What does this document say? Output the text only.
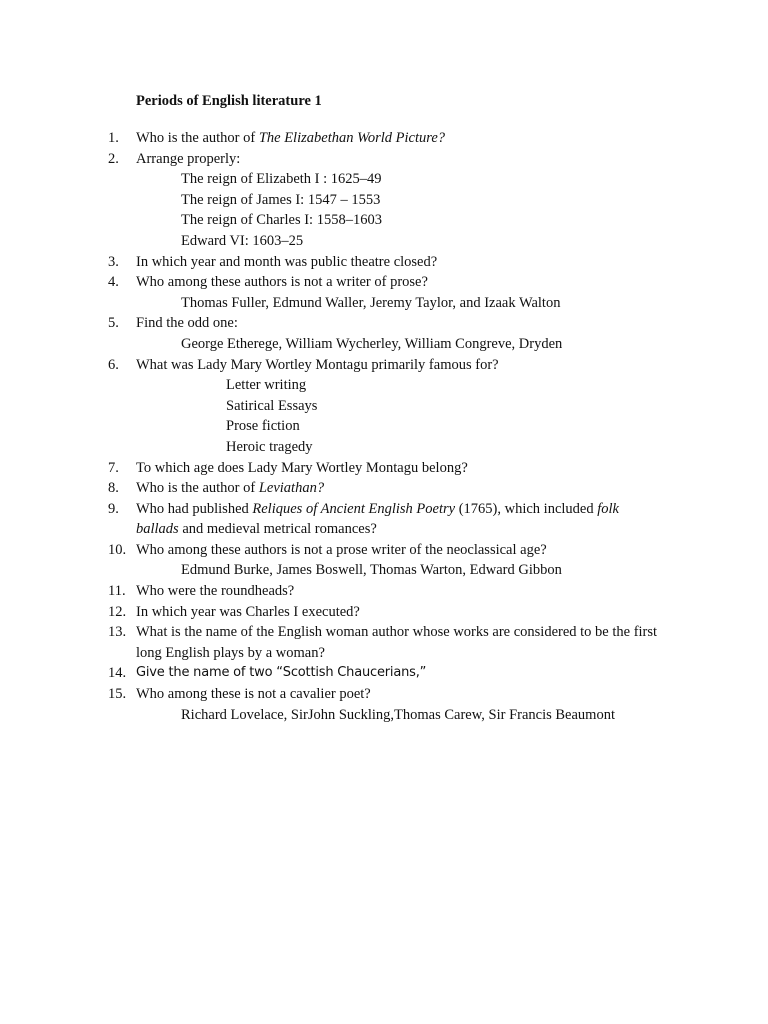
Periods of English literature 1
1.	Who is the author of The Elizabethan World Picture?
2.	Arrange properly:
The reign of Elizabeth I : 1625–49
The reign of James I: 1547 – 1553
The reign of Charles I: 1558–1603
Edward VI: 1603–25
3.	In which year and month was public theatre closed?
4.	Who among these authors is not a writer of prose?
Thomas Fuller, Edmund Waller, Jeremy Taylor, and Izaak Walton
5.	Find the odd one:
George Etherege, William Wycherley, William Congreve, Dryden
6.	What was Lady Mary Wortley Montagu primarily famous for?
Letter writing
Satirical Essays
Prose fiction
Heroic tragedy
7.	To which age does Lady Mary Wortley Montagu belong?
8.	Who is the author of Leviathan?
9.	Who had published Reliques of Ancient English Poetry (1765), which included folk
ballads and medieval metrical romances?
10. Who among these authors is not a prose writer of the neoclassical age?
Edmund Burke, James Boswell, Thomas Warton, Edward Gibbon
11. Who were the roundheads?
12. In which year was Charles I executed?
13. What is the name of the English woman author whose works are considered to be the first
long English plays by a woman?
14. Give the name of two “Scottish Chaucerians,”
15. Who among these is not a cavalier poet?
Richard Lovelace, SirJohn Suckling,Thomas Carew, Sir Francis Beaumont
